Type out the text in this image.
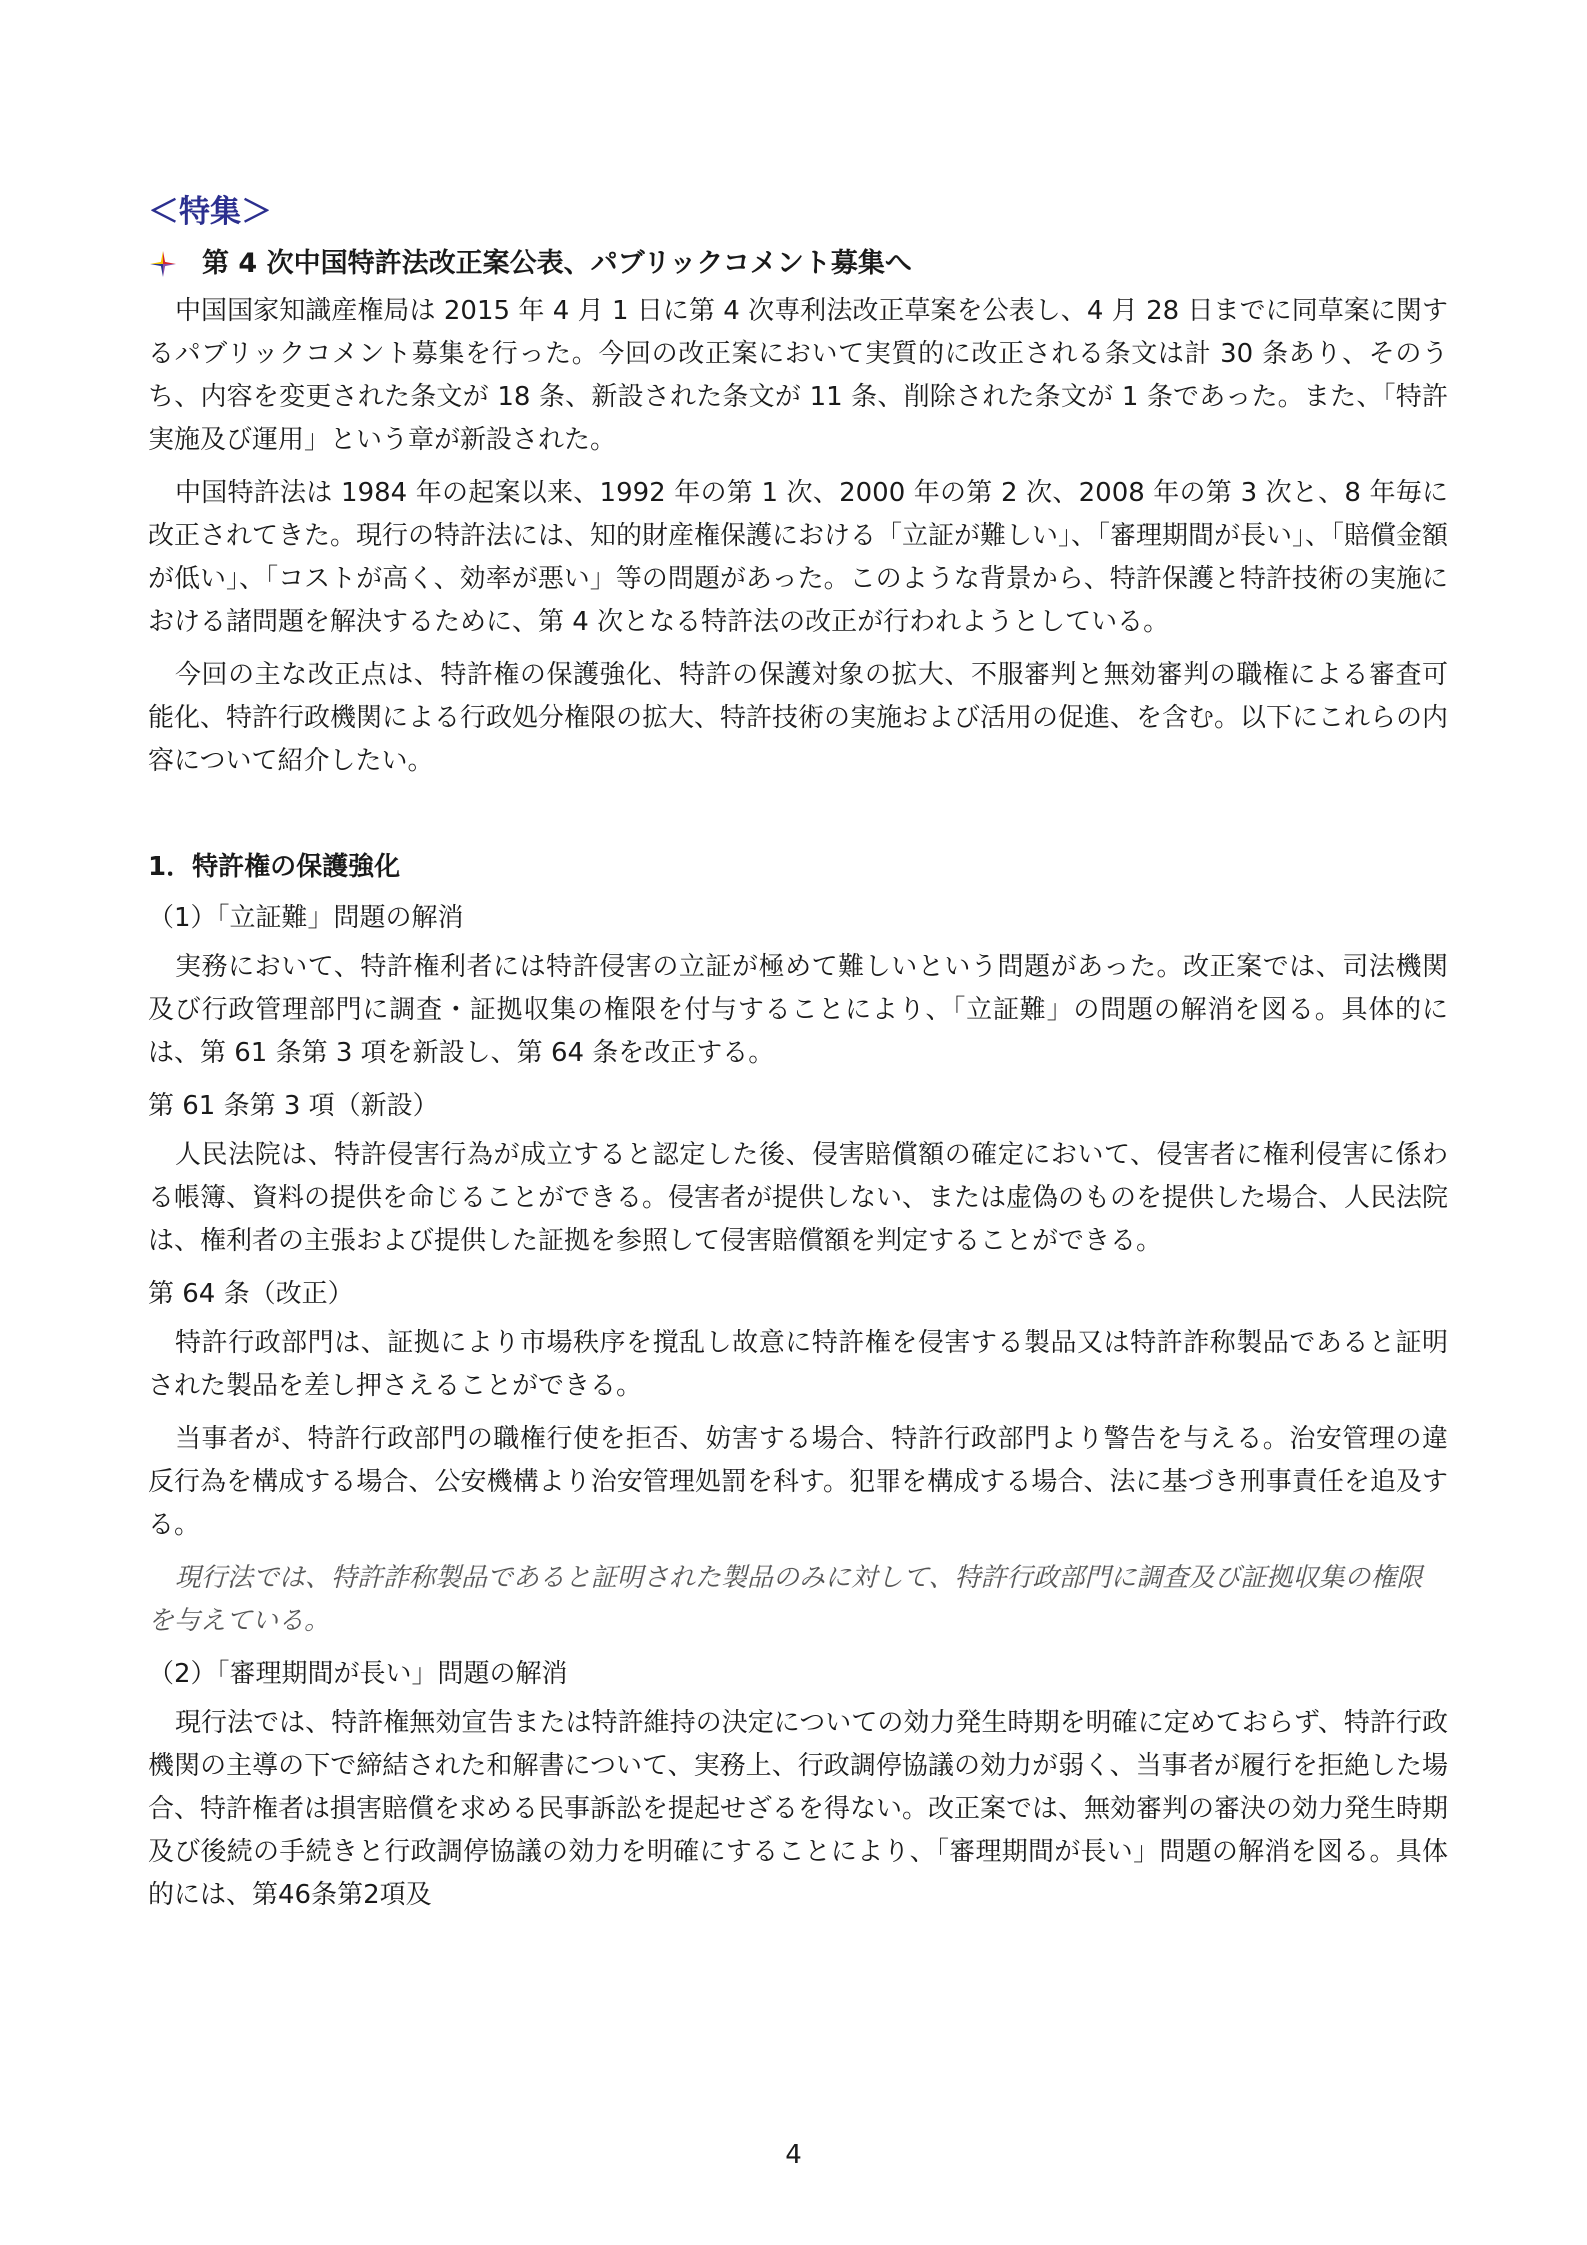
＜特集＞
第 4 次中国特許法改正案公表、パブリックコメント募集へ

中国国家知識産権局は 2015 年 4 月 1 日に第 4 次専利法改正草案を公表し、4 月 28 日までに同草案に関するパブリックコメント募集を行った。今回の改正案において実質的に改正される条文は計 30 条あり、そのうち、内容を変更された条文が 18 条、新設された条文が 11 条、削除された条文が 1 条であった。また、「特許実施及び運用」という章が新設された。

中国特許法は 1984 年の起案以来、1992 年の第 1 次、2000 年の第 2 次、2008 年の第 3 次と、8 年毎に改正されてきた。現行の特許法には、知的財産権保護における「立証が難しい」、「審理期間が長い」、「賠償金額が低い」、「コストが高く、効率が悪い」等の問題があった。このような背景から、特許保護と特許技術の実施における諸問題を解決するために、第 4 次となる特許法の改正が行われようとしている。

今回の主な改正点は、特許権の保護強化、特許の保護対象の拡大、不服審判と無効審判の職権による審査可能化、特許行政機関による行政処分権限の拡大、特許技術の実施および活用の促進、を含む。以下にこれらの内容について紹介したい。

1．特許権の保護強化
（1）「立証難」問題の解消

実務において、特許権利者には特許侵害の立証が極めて難しいという問題があった。改正案では、司法機関及び行政管理部門に調査・証拠収集の権限を付与することにより、「立証難」の問題の解消を図る。具体的には、第 61 条第 3 項を新設し、第 64 条を改正する。

第 61 条第 3 項（新設）

人民法院は、特許侵害行為が成立すると認定した後、侵害賠償額の確定において、侵害者に権利侵害に係わる帳簿、資料の提供を命じることができる。侵害者が提供しない、または虚偽のものを提供した場合、人民法院は、権利者の主張および提供した証拠を参照して侵害賠償額を判定することができる。

第 64 条（改正）

特許行政部門は、証拠により市場秩序を撹乱し故意に特許権を侵害する製品又は特許詐称製品であると証明された製品を差し押さえることができる。

当事者が、特許行政部門の職権行使を拒否、妨害する場合、特許行政部門より警告を与える。治安管理の違反行為を構成する場合、公安機構より治安管理処罰を科す。犯罪を構成する場合、法に基づき刑事責任を追及する。

現行法では、特許詐称製品であると証明された製品のみに対して、特許行政部門に調査及び証拠収集の権限を与えている。

（2）「審理期間が長い」問題の解消

現行法では、特許権無効宣告または特許維持の決定についての効力発生時期を明確に定めておらず、特許行政機関の主導の下で締結された和解書について、実務上、行政調停協議の効力が弱く、当事者が履行を拒絶した場合、特許権者は損害賠償を求める民事訴訟を提起せざるを得ない。改正案では、無効審判の審決の効力発生時期及び後続の手続きと行政調停協議の効力を明確にすることにより、「審理期間が長い」問題の解消を図る。具体的には、第46条第2項及

4
